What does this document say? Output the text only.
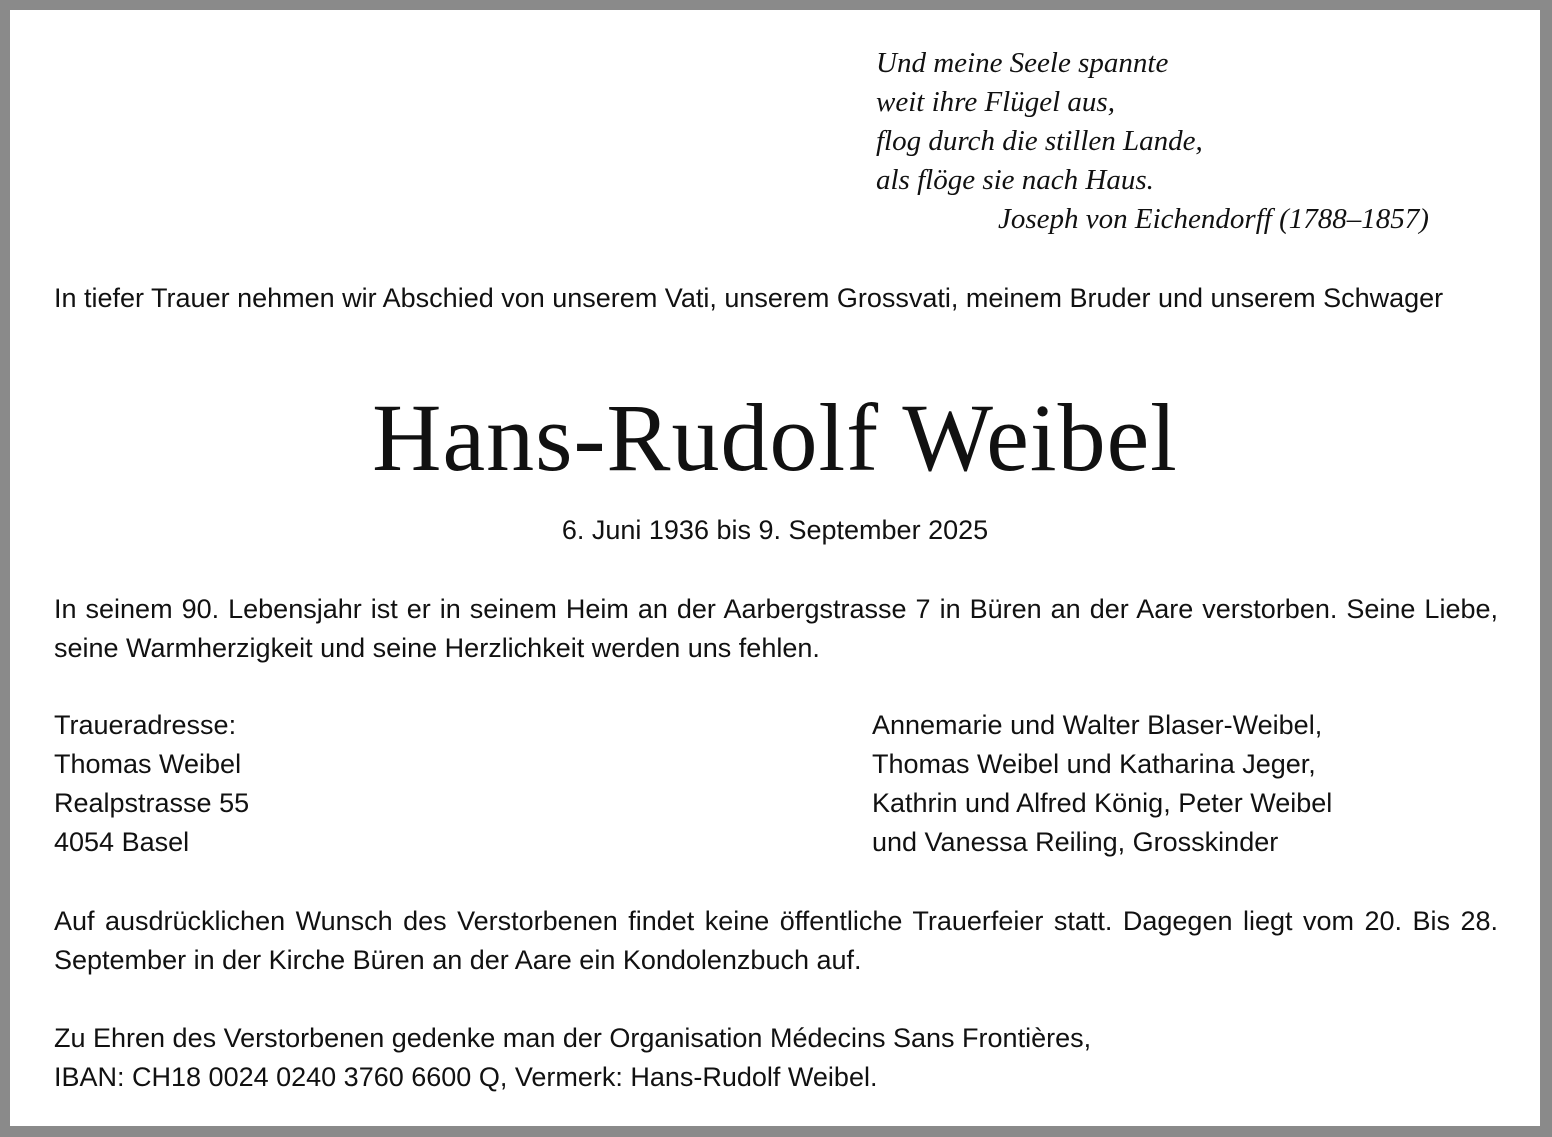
Und meine Seele spannte
weit ihre Flügel aus,
flog durch die stillen Lande,
als flöge sie nach Haus.
Joseph von Eichendorff (1788–1857)
In tiefer Trauer nehmen wir Abschied von unserem Vati, unserem Grossvati, meinem Bruder und unserem Schwager
Hans-Rudolf Weibel
6. Juni 1936 bis 9. September 2025
In seinem 90. Lebensjahr ist er in seinem Heim an der Aarbergstrasse 7 in Büren an der Aare verstorben. Seine Liebe, seine Warmherzigkeit und seine Herzlichkeit werden uns fehlen.
Traueradresse:
Thomas Weibel
Realpstrasse 55
4054 Basel
Annemarie und Walter Blaser-Weibel,
Thomas Weibel und Katharina Jeger,
Kathrin und Alfred König, Peter Weibel
und Vanessa Reiling, Grosskinder
Auf ausdrücklichen Wunsch des Verstorbenen findet keine öffentliche Trauerfeier statt. Dagegen liegt vom 20. Bis 28. September in der Kirche Büren an der Aare ein Kondolenzbuch auf.
Zu Ehren des Verstorbenen gedenke man der Organisation Médecins Sans Frontières,
IBAN: CH18 0024 0240 3760 6600 Q, Vermerk: Hans-Rudolf Weibel.
